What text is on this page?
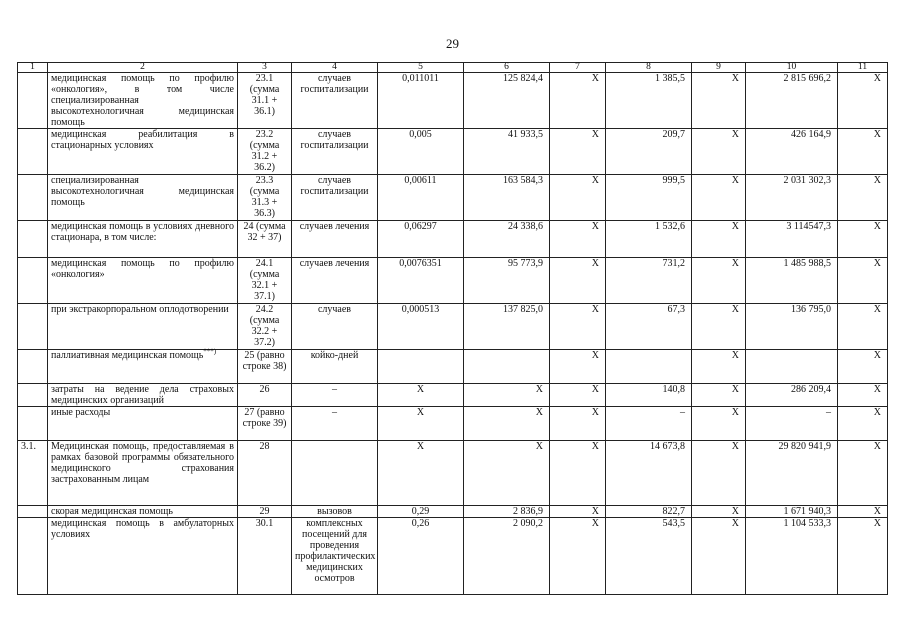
29
1	2	3	4	5	6	7	8	9	10	11
	медицинская помощь по профилю «онкология», в том числе специализированная высокотехнологичная медицинская помощь	23.1 (сумма 31.1 + 36.1)	случаев госпитализации	0,011011	125 824,4	X	1 385,5	X	2 815 696,2	X
	медицинская реабилитация в стационарных условиях	23.2 (сумма 31.2 + 36.2)	случаев госпитализации	0,005	41 933,5	X	209,7	X	426 164,9	X
	специализированная высокотехнологичная медицинская помощь	23.3 (сумма 31.3 + 36.3)	случаев госпитализации	0,00611	163 584,3	X	999,5	X	2 031 302,3	X
	медицинская помощь в условиях дневного стационара, в том числе:	24 (сумма 32 + 37)	случаев лечения	0,06297	24 338,6	X	1 532,6	X	3 114547,3	X
	медицинская помощь по профилю «онкология»	24.1 (сумма 32.1 + 37.1)	случаев лечения	0,0076351	95 773,9	X	731,2	X	1 485 988,5	X
	при экстракорпоральном оплодотворении	24.2 (сумма 32.2 + 37.2)	случаев	0,000513	137 825,0	X	67,3	X	136 795,0	X
	паллиативная медицинская помощь***)	25 (равно строке 38)	койко-дней			X		X		X
	затраты на ведение дела страховых медицинских организаций	26	–	X	X	X	140,8	X	286 209,4	X
	иные расходы	27 (равно строке 39)	–	X	X	X	–	X	–	X
3.1.	Медицинская помощь, предоставляемая в рамках базовой программы обязательного медицинского страхования застрахованным лицам	28		X	X	X	14 673,8	X	29 820 941,9	X
	скорая медицинская помощь	29	вызовов	0,29	2 836,9	X	822,7	X	1 671 940,3	X
	медицинская помощь в амбулаторных условиях	30.1	комплексных посещений для проведения профилактических медицинских осмотров	0,26	2 090,2	X	543,5	X	1 104 533,3	X
